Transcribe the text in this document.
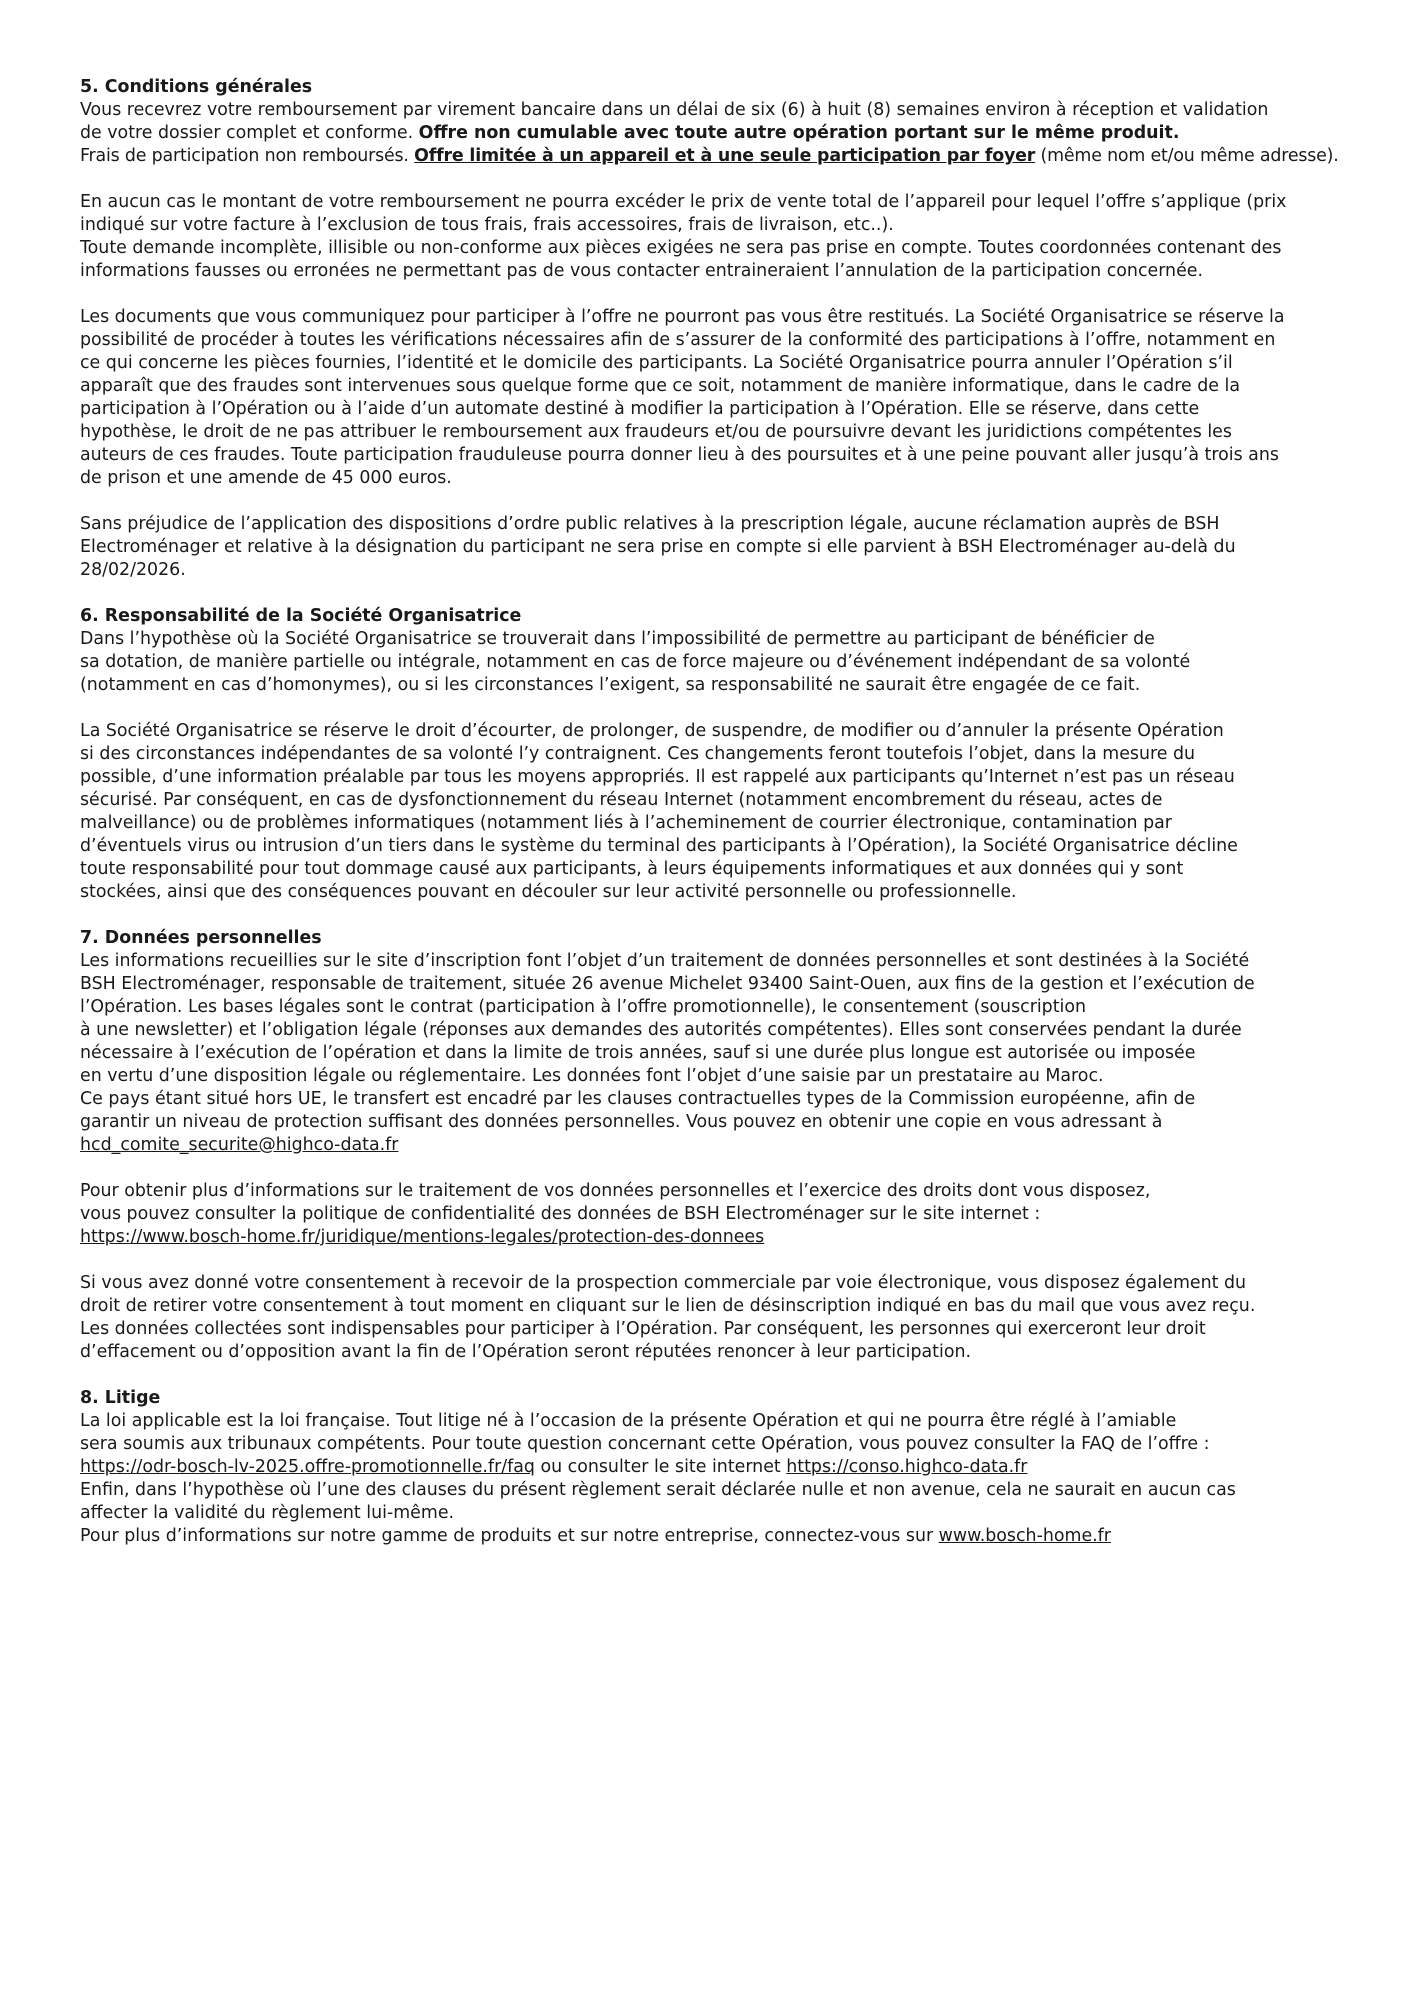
5. Conditions générales
Vous recevrez votre remboursement par virement bancaire dans un délai de six (6) à huit (8) semaines environ à réception et validation
de votre dossier complet et conforme. Offre non cumulable avec toute autre opération portant sur le même produit.
Frais de participation non remboursés. Offre limitée à un appareil et à une seule participation par foyer (même nom et/ou même adresse).
En aucun cas le montant de votre remboursement ne pourra excéder le prix de vente total de l’appareil pour lequel l’offre s’applique (prix
indiqué sur votre facture à l’exclusion de tous frais, frais accessoires, frais de livraison, etc..).
Toute demande incomplète, illisible ou non-conforme aux pièces exigées ne sera pas prise en compte. Toutes coordonnées contenant des
informations fausses ou erronées ne permettant pas de vous contacter entraineraient l’annulation de la participation concernée.
Les documents que vous communiquez pour participer à l’offre ne pourront pas vous être restitués. La Société Organisatrice se réserve la
possibilité de procéder à toutes les vérifications nécessaires afin de s’assurer de la conformité des participations à l’offre, notamment en
ce qui concerne les pièces fournies, l’identité et le domicile des participants. La Société Organisatrice pourra annuler l’Opération s’il
apparaît que des fraudes sont intervenues sous quelque forme que ce soit, notamment de manière informatique, dans le cadre de la
participation à l’Opération ou à l’aide d’un automate destiné à modifier la participation à l’Opération. Elle se réserve, dans cette
hypothèse, le droit de ne pas attribuer le remboursement aux fraudeurs et/ou de poursuivre devant les juridictions compétentes les
auteurs de ces fraudes. Toute participation frauduleuse pourra donner lieu à des poursuites et à une peine pouvant aller jusqu’à trois ans
de prison et une amende de 45 000 euros.
Sans préjudice de l’application des dispositions d’ordre public relatives à la prescription légale, aucune réclamation auprès de BSH
Electroménager et relative à la désignation du participant ne sera prise en compte si elle parvient à BSH Electroménager au-delà du
28/02/2026.
6. Responsabilité de la Société Organisatrice
Dans l’hypothèse où la Société Organisatrice se trouverait dans l’impossibilité de permettre au participant de bénéficier de
sa dotation, de manière partielle ou intégrale, notamment en cas de force majeure ou d’événement indépendant de sa volonté
(notamment en cas d’homonymes), ou si les circonstances l’exigent, sa responsabilité ne saurait être engagée de ce fait.
La Société Organisatrice se réserve le droit d’écourter, de prolonger, de suspendre, de modifier ou d’annuler la présente Opération
si des circonstances indépendantes de sa volonté l’y contraignent. Ces changements feront toutefois l’objet, dans la mesure du
possible, d’une information préalable par tous les moyens appropriés. Il est rappelé aux participants qu’Internet n’est pas un réseau
sécurisé. Par conséquent, en cas de dysfonctionnement du réseau Internet (notamment encombrement du réseau, actes de
malveillance) ou de problèmes informatiques (notamment liés à l’acheminement de courrier électronique, contamination par
d’éventuels virus ou intrusion d’un tiers dans le système du terminal des participants à l’Opération), la Société Organisatrice décline
toute responsabilité pour tout dommage causé aux participants, à leurs équipements informatiques et aux données qui y sont
stockées, ainsi que des conséquences pouvant en découler sur leur activité personnelle ou professionnelle.
7. Données personnelles
Les informations recueillies sur le site d’inscription font l’objet d’un traitement de données personnelles et sont destinées à la Société
BSH Electroménager, responsable de traitement, située 26 avenue Michelet 93400 Saint-Ouen, aux fins de la gestion et l’exécution de
l’Opération. Les bases légales sont le contrat (participation à l’offre promotionnelle), le consentement (souscription
à une newsletter) et l’obligation légale (réponses aux demandes des autorités compétentes). Elles sont conservées pendant la durée
nécessaire à l’exécution de l’opération et dans la limite de trois années, sauf si une durée plus longue est autorisée ou imposée
en vertu d’une disposition légale ou réglementaire. Les données font l’objet d’une saisie par un prestataire au Maroc.
Ce pays étant situé hors UE, le transfert est encadré par les clauses contractuelles types de la Commission européenne, afin de
garantir un niveau de protection suffisant des données personnelles. Vous pouvez en obtenir une copie en vous adressant à
hcd_comite_securite@highco-data.fr
Pour obtenir plus d’informations sur le traitement de vos données personnelles et l’exercice des droits dont vous disposez,
vous pouvez consulter la politique de confidentialité des données de BSH Electroménager sur le site internet :
https://www.bosch-home.fr/juridique/mentions-legales/protection-des-donnees
Si vous avez donné votre consentement à recevoir de la prospection commerciale par voie électronique, vous disposez également du
droit de retirer votre consentement à tout moment en cliquant sur le lien de désinscription indiqué en bas du mail que vous avez reçu.
Les données collectées sont indispensables pour participer à l’Opération. Par conséquent, les personnes qui exerceront leur droit
d’effacement ou d’opposition avant la fin de l’Opération seront réputées renoncer à leur participation.
8. Litige
La loi applicable est la loi française. Tout litige né à l’occasion de la présente Opération et qui ne pourra être réglé à l’amiable
sera soumis aux tribunaux compétents. Pour toute question concernant cette Opération, vous pouvez consulter la FAQ de l’offre :
https://odr-bosch-lv-2025.offre-promotionnelle.fr/faq ou consulter le site internet https://conso.highco-data.fr
Enfin, dans l’hypothèse où l’une des clauses du présent règlement serait déclarée nulle et non avenue, cela ne saurait en aucun cas
affecter la validité du règlement lui-même.
Pour plus d’informations sur notre gamme de produits et sur notre entreprise, connectez-vous sur www.bosch-home.fr
